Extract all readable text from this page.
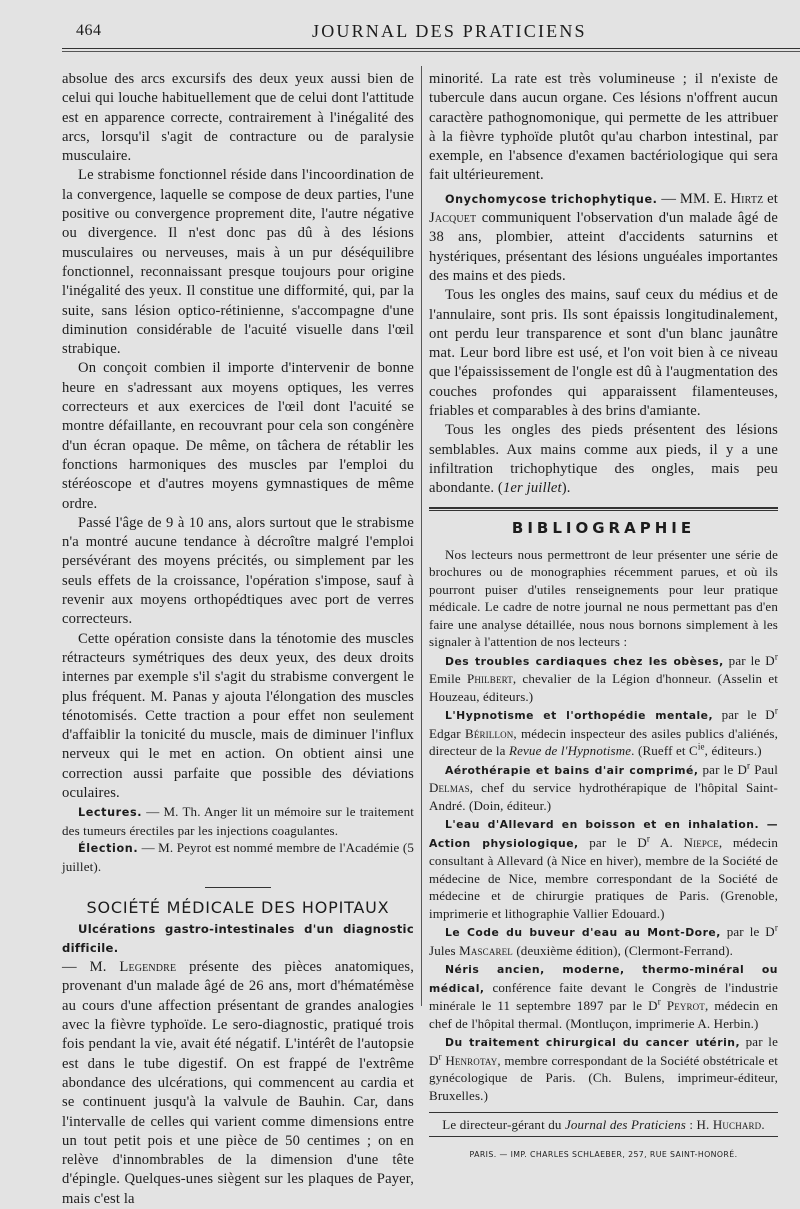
464	JOURNAL DES PRATICIENS

absolue des arcs excursifs des deux yeux aussi bien de celui qui louche habituellement que de celui dont l'attitude est en apparence correcte, contrairement à l'inégalité des arcs, lorsqu'il s'agit de contracture ou de paralysie musculaire.

Le strabisme fonctionnel réside dans l'incoordination de la convergence, laquelle se compose de deux parties, l'une positive ou convergence proprement dite, l'autre négative ou divergence. Il n'est donc pas dû à des lésions musculaires ou nerveuses, mais à un pur déséquilibre fonctionnel, reconnaissant presque toujours pour origine l'inégalité des yeux. Il constitue une difformité, qui, par la suite, sans lésion optico-rétinienne, s'accompagne d'une diminution considérable de l'acuité visuelle dans l'œil strabique.

On conçoit combien il importe d'intervenir de bonne heure en s'adressant aux moyens optiques, les verres correcteurs et aux exercices de l'œil dont l'acuité se montre défaillante, en recouvrant pour cela son congénère d'un écran opaque. De même, on tâchera de rétablir les fonctions harmoniques des muscles par l'emploi du stéréoscope et d'autres moyens gymnastiques de même ordre.

Passé l'âge de 9 à 10 ans, alors surtout que le strabisme n'a montré aucune tendance à décroître malgré l'emploi persévérant des moyens précités, ou simplement par les seuls effets de la croissance, l'opération s'impose, sauf à revenir aux moyens orthopédtiques avec port de verres correcteurs.

Cette opération consiste dans la ténotomie des muscles rétracteurs symétriques des deux yeux, des deux droits internes par exemple s'il s'agit du strabisme convergent le plus fréquent. M. Panas y ajouta l'élongation des muscles ténotomisés. Cette traction a pour effet non seulement d'affaiblir la tonicité du muscle, mais de diminuer l'influx nerveux qui le met en action. On obtient ainsi une correction aussi parfaite que possible des déviations oculaires.

Lectures. — M. Th. Anger lit un mémoire sur le traitement des tumeurs érectiles par les injections coagulantes.

Élection. — M. Peyrot est nommé membre de l'Académie (5 juillet).

SOCIÉTÉ MÉDICALE DES HOPITAUX

Ulcérations gastro-intestinales d'un diagnostic difficile.

— M. Legendre présente des pièces anatomiques, provenant d'un malade âgé de 26 ans, mort d'hématémèse au cours d'une affection présentant de grandes analogies avec la fièvre typhoïde. Le sero-diagnostic, pratiqué trois fois pendant la vie, avait été négatif. L'intérêt de l'autopsie est dans le tube digestif. On est frappé de l'extrême abondance des ulcérations, qui commencent au cardia et se continuent jusqu'à la valvule de Bauhin. Car, dans l'intervalle de celles qui varient comme dimensions entre un tout petit pois et une pièce de 50 centimes ; on en relève d'innombrables de la dimension d'une tête d'épingle. Quelques-unes siègent sur les plaques de Payer, mais c'est la

minorité. La rate est très volumineuse ; il n'existe de tubercule dans aucun organe. Ces lésions n'offrent aucun caractère pathognomonique, qui permette de les attribuer à la fièvre typhoïde plutôt qu'au charbon intestinal, par exemple, en l'absence d'examen bactériologique qui sera fait ultérieurement.

Onychomycose trichophytique. — MM. E. Hirtz et Jacquet communiquent l'observation d'un malade âgé de 38 ans, plombier, atteint d'accidents saturnins et hystériques, présentant des lésions unguéales importantes des mains et des pieds.

Tous les ongles des mains, sauf ceux du médius et de l'annulaire, sont pris. Ils sont épaissis longitudinalement, ont perdu leur transparence et sont d'un blanc jaunâtre mat. Leur bord libre est usé, et l'on voit bien à ce niveau que l'épaississement de l'ongle est dû à l'augmentation des couches profondes qui apparaissent filamenteuses, friables et comparables à des brins d'amiante.

Tous les ongles des pieds présentent des lésions semblables. Aux mains comme aux pieds, il y a une infiltration trichophytique des ongles, mais peu abondante. (1er juillet).

BIBLIOGRAPHIE

Nos lecteurs nous permettront de leur présenter une série de brochures ou de monographies récemment parues, et où ils pourront puiser d'utiles renseignements pour leur pratique médicale. Le cadre de notre journal ne nous permettant pas d'en faire une analyse détaillée, nous nous bornons simplement à les signaler à l'attention de nos lecteurs :

Des troubles cardiaques chez les obèses, par le $D^r$ Emile Philbert, chevalier de la Légion d'honneur. (Asselin et Houzeau, éditeurs.)

L'Hypnotisme et l'orthopédie mentale, par le $D^r$ Edgar Bérillon, médecin inspecteur des asiles publics d'aliénés, directeur de la Revue de l'Hypnotisme. (Rueff et $C^{ie}$, éditeurs.)

Aérothérapie et bains d'air comprimé, par le $D^r$ Paul Delmas, chef du service hydrothérapique de l'hôpital Saint-André. (Doin, éditeur.)

L'eau d'Allevard en boisson et en inhalation. — Action physiologique, par le $D^r$ A. Niepce, médecin consultant à Allevard (à Nice en hiver), membre de la Société de médecine de Nice, membre correspondant de la Société de médecine et de chirurgie pratiques de Paris. (Grenoble, imprimerie et lithographie Vallier Edouard.)

Le Code du buveur d'eau au Mont-Dore, par le $D^r$ Jules Mascarel (deuxième édition), (Clermont-Ferrand).

Néris ancien, moderne, thermo-minéral ou médical, conférence faite devant le Congrès de l'industrie minérale le 11 septembre 1897 par le $D^r$ Peyrot, médecin en chef de l'hôpital thermal. (Montluçon, imprimerie A. Herbin.)

Du traitement chirurgical du cancer utérin, par le $D^r$ Henrotay, membre correspondant de la Société obstétricale et gynécologique de Paris. (Ch. Bulens, imprimeur-éditeur, Bruxelles.)

Le directeur-gérant du Journal des Praticiens : H. Huchard.
PARIS. — IMP. CHARLES SCHLAEBER, 257, RUE SAINT-HONORÉ.
